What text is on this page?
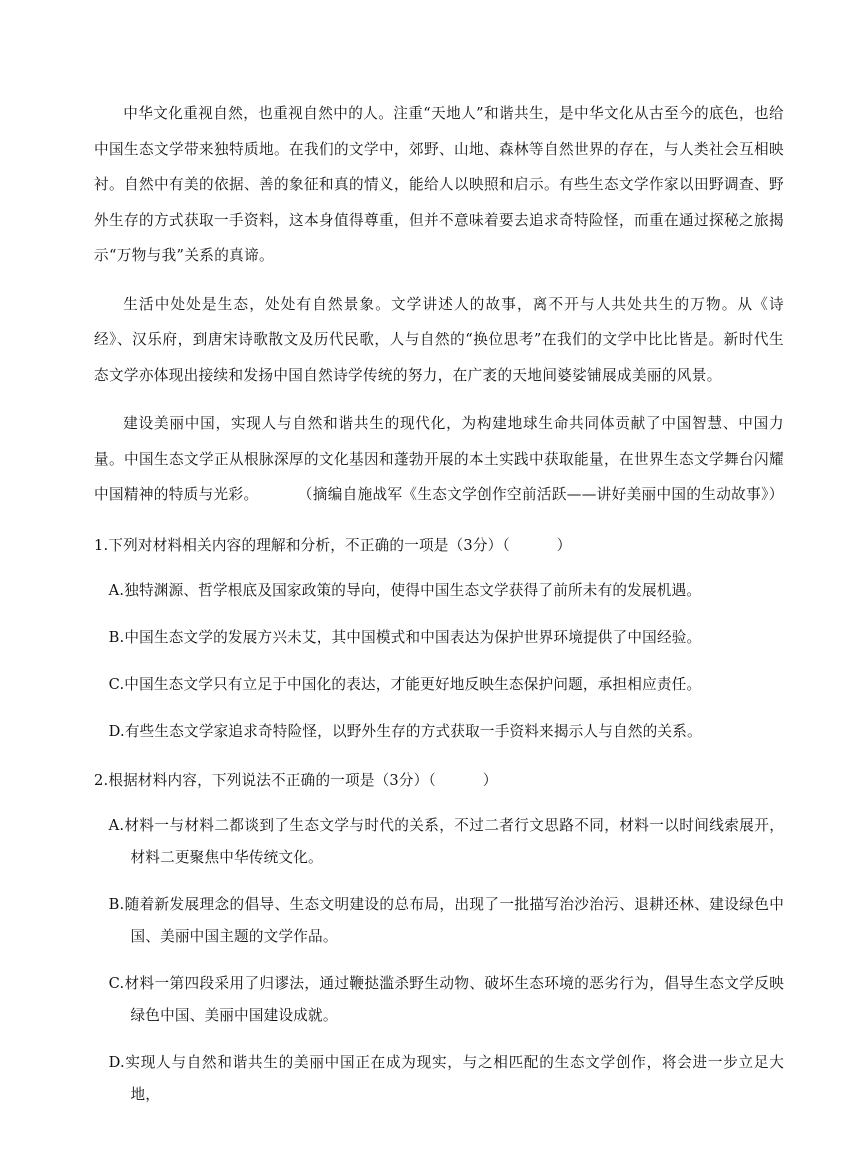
中华文化重视自然，也重视自然中的人。注重“天地人”和谐共生，是中华文化从古至今的底色，也给中国生态文学带来独特质地。在我们的文学中，郊野、山地、森林等自然世界的存在，与人类社会互相映衬。自然中有美的依据、善的象征和真的情义，能给人以映照和启示。有些生态文学作家以田野调查、野外生存的方式获取一手资料，这本身值得尊重，但并不意味着要去追求奇特险怪，而重在通过探秘之旅揭示“万物与我”关系的真谛。

生活中处处是生态，处处有自然景象。文学讲述人的故事，离不开与人共处共生的万物。从《诗经》、汉乐府，到唐宋诗歌散文及历代民歌，人与自然的“换位思考”在我们的文学中比比皆是。新时代生态文学亦体现出接续和发扬中国自然诗学传统的努力，在广袤的天地间婆娑铺展成美丽的风景。

建设美丽中国，实现人与自然和谐共生的现代化，为构建地球生命共同体贡献了中国智慧、中国力量。中国生态文学正从根脉深厚的文化基因和蓬勃开展的本土实践中获取能量，在世界生态文学舞台闪耀中国精神的特质与光彩。	（摘编自施战军《生态文学创作空前活跃——讲好美丽中国的生动故事》）

1.下列对材料相关内容的理解和分析，不正确的一项是（3分）（	）

A.独特渊源、哲学根底及国家政策的导向，使得中国生态文学获得了前所未有的发展机遇。

B.中国生态文学的发展方兴未艾，其中国模式和中国表达为保护世界环境提供了中国经验。

C.中国生态文学只有立足于中国化的表达，才能更好地反映生态保护问题，承担相应责任。

D.有些生态文学家追求奇特险怪，以野外生存的方式获取一手资料来揭示人与自然的关系。

2.根据材料内容，下列说法不正确的一项是（3分）（	）

A.材料一与材料二都谈到了生态文学与时代的关系，不过二者行文思路不同，材料一以时间线索展开，材料二更聚焦中华传统文化。

B.随着新发展理念的倡导、生态文明建设的总布局，出现了一批描写治沙治污、退耕还林、建设绿色中国、美丽中国主题的文学作品。

C.材料一第四段采用了归谬法，通过鞭挞滥杀野生动物、破坏生态环境的恶劣行为，倡导生态文学反映绿色中国、美丽中国建设成就。

D.实现人与自然和谐共生的美丽中国正在成为现实，与之相匹配的生态文学创作，将会进一步立足大地，
